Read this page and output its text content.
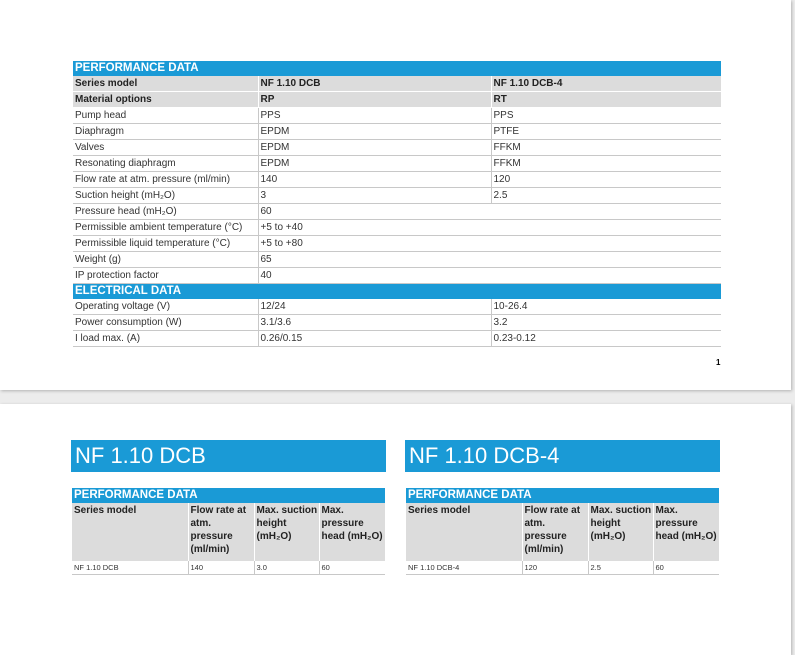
PERFORMANCE DATA		
Series model	NF 1.10 DCB	NF 1.10 DCB-4
Material options	RP	RT
Pump head	PPS	PPS
Diaphragm	EPDM	PTFE
Valves	EPDM	FFKM
Resonating diaphragm	EPDM	FFKM
Flow rate at atm. pressure (ml/min)	140	120
Suction height (mH₂O)	3	2.5
Pressure head (mH₂O)	60	
Permissible ambient temperature (°C)	+5 to +40	
Permissible liquid temperature (°C)	+5 to +80	
Weight (g)	65	
IP protection factor	40	
ELECTRICAL DATA		
Operating voltage (V)	12/24	10-26.4
Power consumption (W)	3.1/3.6	3.2
I load max. (A)	0.26/0.15	0.23-0.12
1
NF 1.10 DCB	NF 1.10 DCB-4
PERFORMANCE DATA			
Series model	Flow rate at atm. pressure (ml/min)	Max. suction height (mH₂O)	Max. pressure head (mH₂O)
NF 1.10 DCB	140	3.0	60
PERFORMANCE DATA			
Series model	Flow rate at atm. pressure (ml/min)	Max. suction height (mH₂O)	Max. pressure head (mH₂O)
NF 1.10 DCB-4	120	2.5	60
